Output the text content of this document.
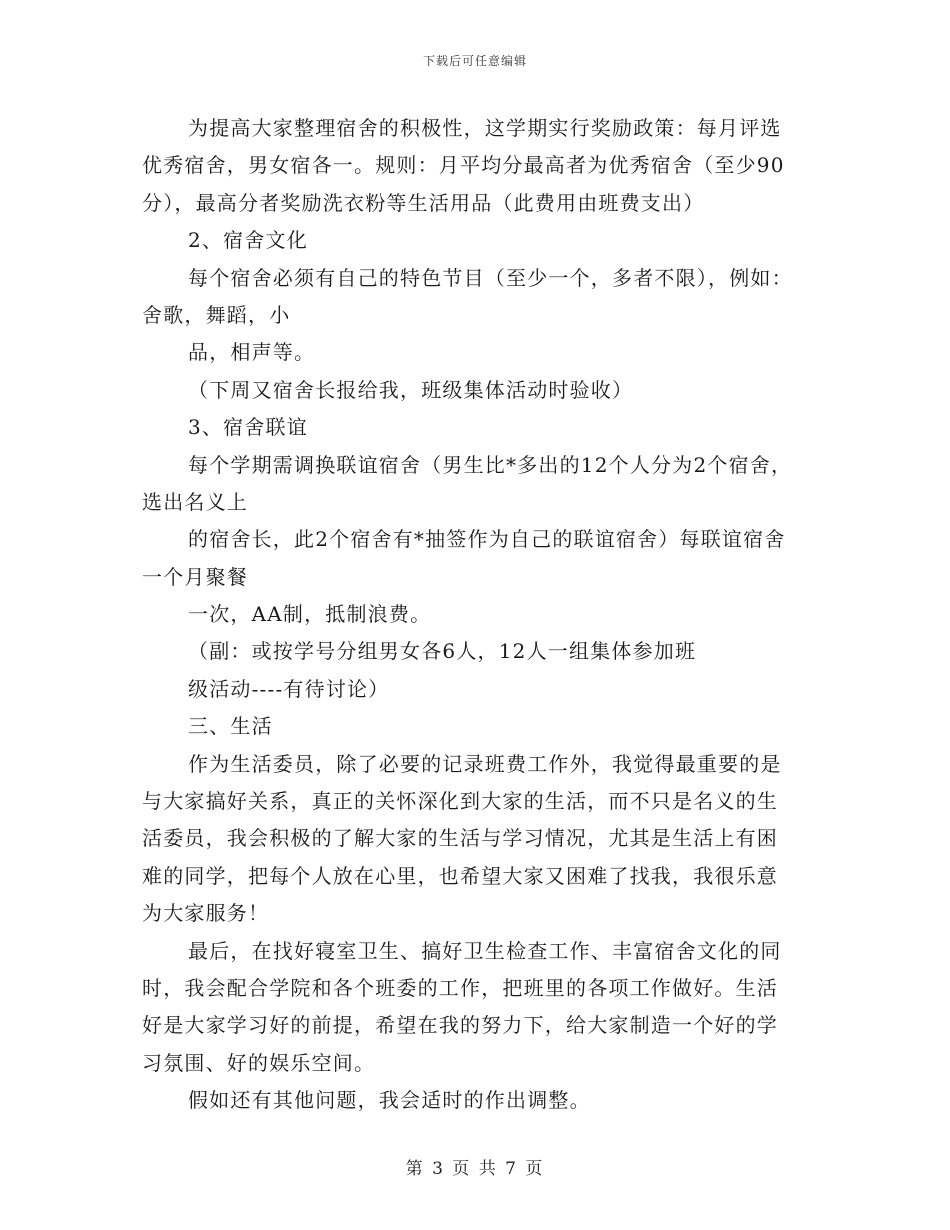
下载后可任意编辑
为提高大家整理宿舍的积极性，这学期实行奖励政策：每月评选
优秀宿舍，男女宿各一。规则：月平均分最高者为优秀宿舍（至少90
分），最高分者奖励洗衣粉等生活用品（此费用由班费支出）
2、宿舍文化
每个宿舍必须有自己的特色节目（至少一个，多者不限），例如：
舍歌，舞蹈，小
品，相声等。
（下周又宿舍长报给我，班级集体活动时验收）
3、宿舍联谊
每个学期需调换联谊宿舍（男生比*多出的12个人分为2个宿舍，
选出名义上
的宿舍长，此2个宿舍有*抽签作为自己的联谊宿舍）每联谊宿舍
一个月聚餐
一次，AA制，抵制浪费。
（副：或按学号分组男女各6人，12人一组集体参加班
级活动----有待讨论）
三、生活
作为生活委员，除了必要的记录班费工作外，我觉得最重要的是
与大家搞好关系，真正的关怀深化到大家的生活，而不只是名义的生
活委员，我会积极的了解大家的生活与学习情况，尤其是生活上有困
难的同学，把每个人放在心里，也希望大家又困难了找我，我很乐意
为大家服务！
最后，在找好寝室卫生、搞好卫生检查工作、丰富宿舍文化的同
时，我会配合学院和各个班委的工作，把班里的各项工作做好。生活
好是大家学习好的前提，希望在我的努力下，给大家制造一个好的学
习氛围、好的娱乐空间。
假如还有其他问题，我会适时的作出调整。
第 3 页 共 7 页
